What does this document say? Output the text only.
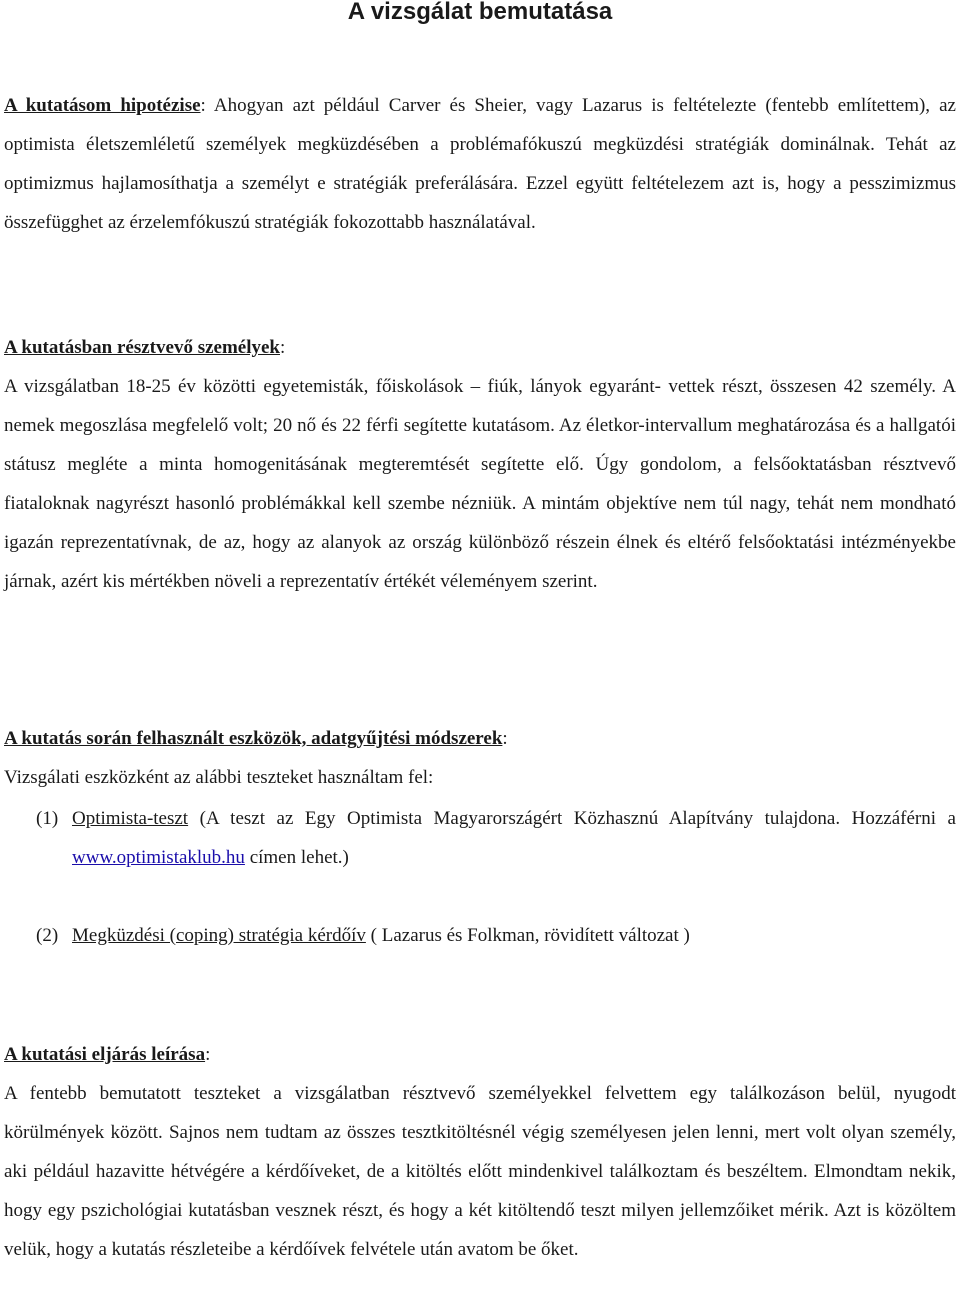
A vizsgálat bemutatása
A kutatásom hipotézise: Ahogyan azt például Carver és Sheier, vagy Lazarus is feltételezte (fentebb említettem), az optimista életszemléletű személyek megküzdésében a problémafókuszú megküzdési stratégiák dominálnak. Tehát az optimizmus hajlamosíthatja a személyt e stratégiák preferálására. Ezzel együtt feltételezem azt is, hogy a pesszimizmus összefügghet az érzelemfókuszú stratégiák fokozottabb használatával.
A kutatásban résztvevő személyek:
A vizsgálatban 18-25 év közötti egyetemisták, főiskolások – fiúk, lányok egyaránt- vettek részt, összesen 42 személy. A nemek megoszlása megfelelő volt; 20 nő és 22 férfi segítette kutatásom. Az életkor-intervallum meghatározása és a hallgatói státusz megléte a minta homogenitásának megteremtését segítette elő. Úgy gondolom, a felsőoktatásban résztvevő fiataloknak nagyrészt hasonló problémákkal kell szembe nézniük. A mintám objektíve nem túl nagy, tehát nem mondható igazán reprezentatívnak, de az, hogy az alanyok az ország különböző részein élnek és eltérő felsőoktatási intézményekbe járnak, azért kis mértékben növeli a reprezentatív értékét véleményem szerint.
A kutatás során felhasznált eszközök, adatgyűjtési módszerek:
Vizsgálati eszközként az alábbi teszteket használtam fel:
(1) Optimista-teszt (A teszt az Egy Optimista Magyarországért Közhasznú Alapítvány tulajdona. Hozzáférni a www.optimistaklub.hu címen lehet.)
(2) Megküzdési (coping) stratégia kérdőív ( Lazarus és Folkman, rövidített változat )
A kutatási eljárás leírása:
A fentebb bemutatott teszteket a vizsgálatban résztvevő személyekkel felvettem egy találkozáson belül, nyugodt körülmények között. Sajnos nem tudtam az összes tesztkitöltésnél végig személyesen jelen lenni, mert volt olyan személy, aki például hazavitte hétvégére a kérdőíveket, de a kitöltés előtt mindenkivel találkoztam és beszéltem. Elmondtam nekik, hogy egy pszichológiai kutatásban vesznek részt, és hogy a két kitöltendő teszt milyen jellemzőiket mérik. Azt is közöltem velük, hogy a kutatás részleteibe a kérdőívek felvétele után avatom be őket.
